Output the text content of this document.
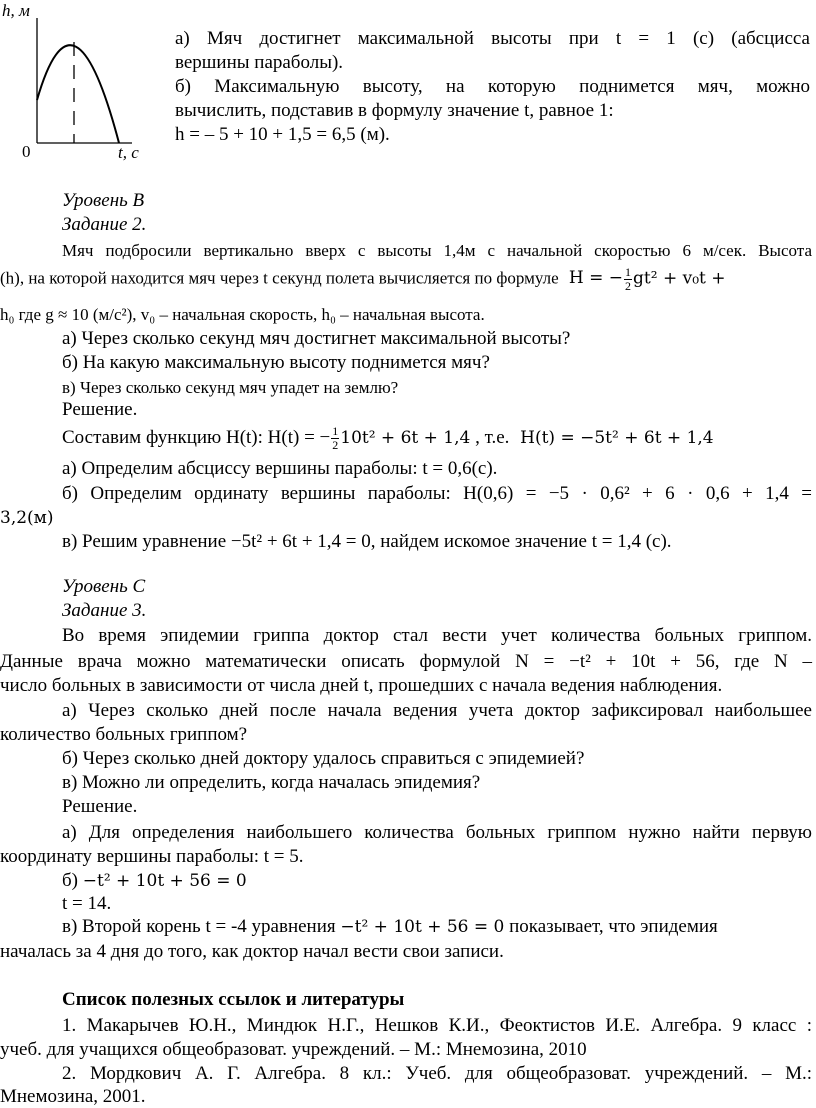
h, м
0	t, c
а) Мяч достигнет максимальной высоты при t = 1 (с) (абсцисса
вершины параболы).
б) Максимальную высоту, на которую поднимется мяч, можно
вычислить, подставив в формулу значение t, равное 1:
h = – 5 + 10 + 1,5 = 6,5 (м).
Уровень B
Задание 2.
Мяч подбросили вертикально вверх с высоты 1,4м с начальной скоростью 6 м/сек. Высота
(h), на которой находится мяч через t секунд полета вычисляется по формуле H = − $\frac{1}{2} gt^2 + v_0t$ +
h₀ где g ≈ 10 (м/с²), v₀ – начальная скорость, h₀ – начальная высота.
а) Через сколько секунд мяч достигнет максимальной высоты?
б) На какую максимальную высоту поднимется мяч?
в) Через сколько секунд мяч упадет на землю?
Решение.
Составим функцию H(t): H(t) = − $\frac{1}{2} 10t^2 + 6t + 1,4$ , т.е. H(t) = −5t² + 6t + 1,4
а) Определим абсциссу вершины параболы: t = 0,6(с).
б) Определим ординату вершины параболы: H(0,6) = −5 · 0,6² + 6 · 0,6 + 1,4 =
3,2(м)
в) Решим уравнение −5t² + 6t + 1,4 = 0, найдем искомое значение t = 1,4 (с).
Уровень C
Задание 3.
Во время эпидемии гриппа доктор стал вести учет количества больных гриппом.
Данные врача можно математически описать формулой N = −t² + 10t + 56, где N –
число больных в зависимости от числа дней t, прошедших с начала ведения наблюдения.
а) Через сколько дней после начала ведения учета доктор зафиксировал наибольшее
количество больных гриппом?
б) Через сколько дней доктору удалось справиться с эпидемией?
в) Можно ли определить, когда началась эпидемия?
Решение.
а) Для определения наибольшего количества больных гриппом нужно найти первую
координату вершины параболы: t = 5.
б) −t² + 10t + 56 = 0
t = 14.
в) Второй корень t = -4 уравнения −t² + 10t + 56 = 0 показывает, что эпидемия
началась за 4 дня до того, как доктор начал вести свои записи.
Список полезных ссылок и литературы
1. Макарычев Ю.Н., Миндюк Н.Г., Нешков К.И., Феоктистов И.Е. Алгебра. 9 класс :
учеб. для учащихся общеобразоват. учреждений. – М.: Мнемозина, 2010
2. Мордкович А. Г. Алгебра. 8 кл.: Учеб. для общеобразоват. учреждений. – М.:
Мнемозина, 2001.
